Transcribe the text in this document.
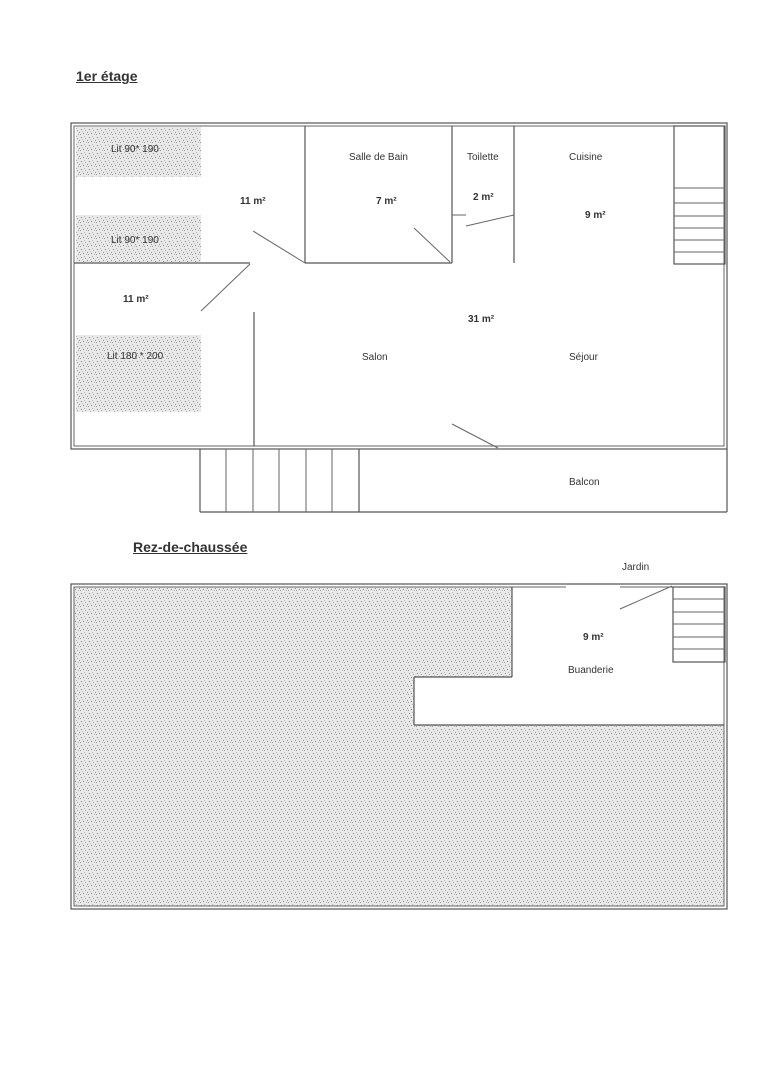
1er étage
Rez-de-chaussée
Lit 90* 190
Lit 90* 190
Lit 180 * 200
11 m²
11 m²
Salle de Bain
7 m²
Toilette
2 m²
Cuisine
9 m²
31 m²
Salon	Séjour
Balcon
Jardin
9 m²
Buanderie
